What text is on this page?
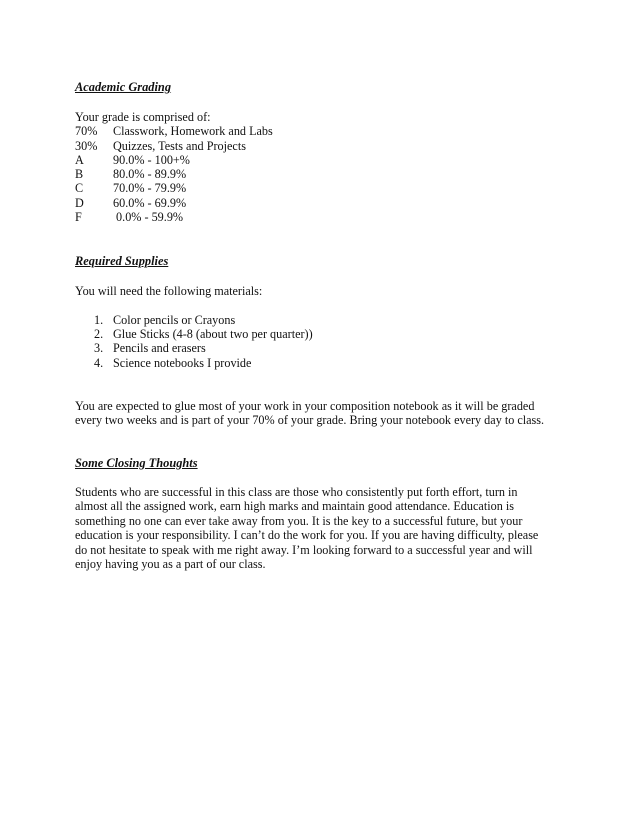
Academic Grading
Your grade is comprised of:
70% Classwork, Homework and Labs
30% Quizzes, Tests and Projects
A 90.0% - 100+%
B 80.0% - 89.9%
C 70.0% - 79.9%
D 60.0% - 69.9%
F	0.0% - 59.9%
Required Supplies
You will need the following materials:
1. Color pencils or Crayons
2. Glue Sticks (4-8 (about two per quarter))
3. Pencils and erasers
4. Science notebooks I provide
You are expected to glue most of your work in your composition notebook as it will be graded
every two weeks and is part of your 70% of your grade. Bring your notebook every day to class.
Some Closing Thoughts
Students who are successful in this class are those who consistently put forth effort, turn in
almost all the assigned work, earn high marks and maintain good attendance. Education is
something no one can ever take away from you. It is the key to a successful future, but your
education is your responsibility. I can’t do the work for you. If you are having difficulty, please
do not hesitate to speak with me right away. I’m looking forward to a successful year and will
enjoy having you as a part of our class.
